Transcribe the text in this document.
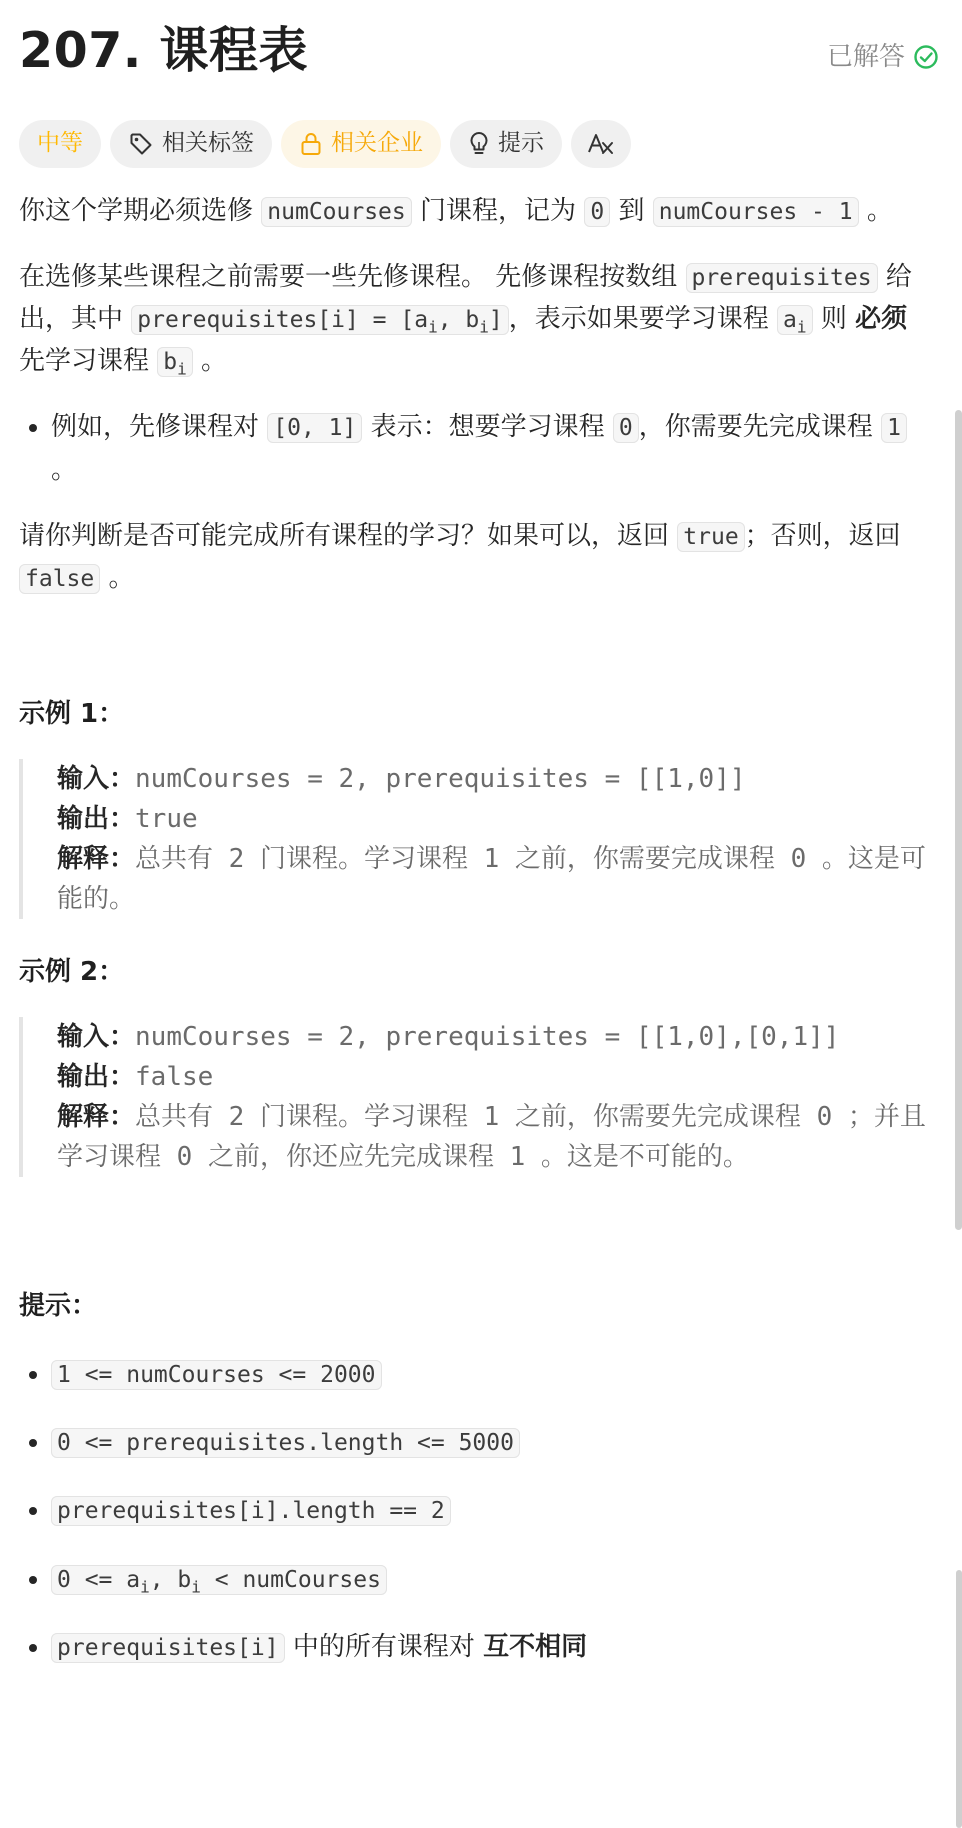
207. 课程表	已解答
中等	相关标签	相关企业	提示

你这个学期必须选修 numCourses 门课程，记为 0 到 numCourses - 1 。

在选修某些课程之前需要一些先修课程。 先修课程按数组 prerequisites 给出，其中 prerequisites[i] = [$a_i$, $b_i$] ，表示如果要学习课程 $a_i$ 则 必须 先学习课程 $b_i$ 。

• 例如，先修课程对 [0, 1] 表示：想要学习课程 0 ，你需要先完成课程 1 。

请你判断是否可能完成所有课程的学习？如果可以，返回 true ；否则，返回 false 。

示例 1：
输入：numCourses = 2, prerequisites = [[1,0]]
输出：true
解释：总共有 2 门课程。学习课程 1 之前，你需要完成课程 0 。这是可能的。
示例 2：
输入：numCourses = 2, prerequisites = [[1,0],[0,1]]
输出：false
解释：总共有 2 门课程。学习课程 1 之前，你需要先完成课程 0 ；并且学习课程 0 之前，你还应先完成课程 1 。这是不可能的。
提示：
• 1 <= numCourses <= 2000
• 0 <= prerequisites.length <= 5000
• prerequisites[i].length == 2
• $0 <= a_i$, $b_i$ < numCourses
• prerequisites[i] 中的所有课程对 互不相同
